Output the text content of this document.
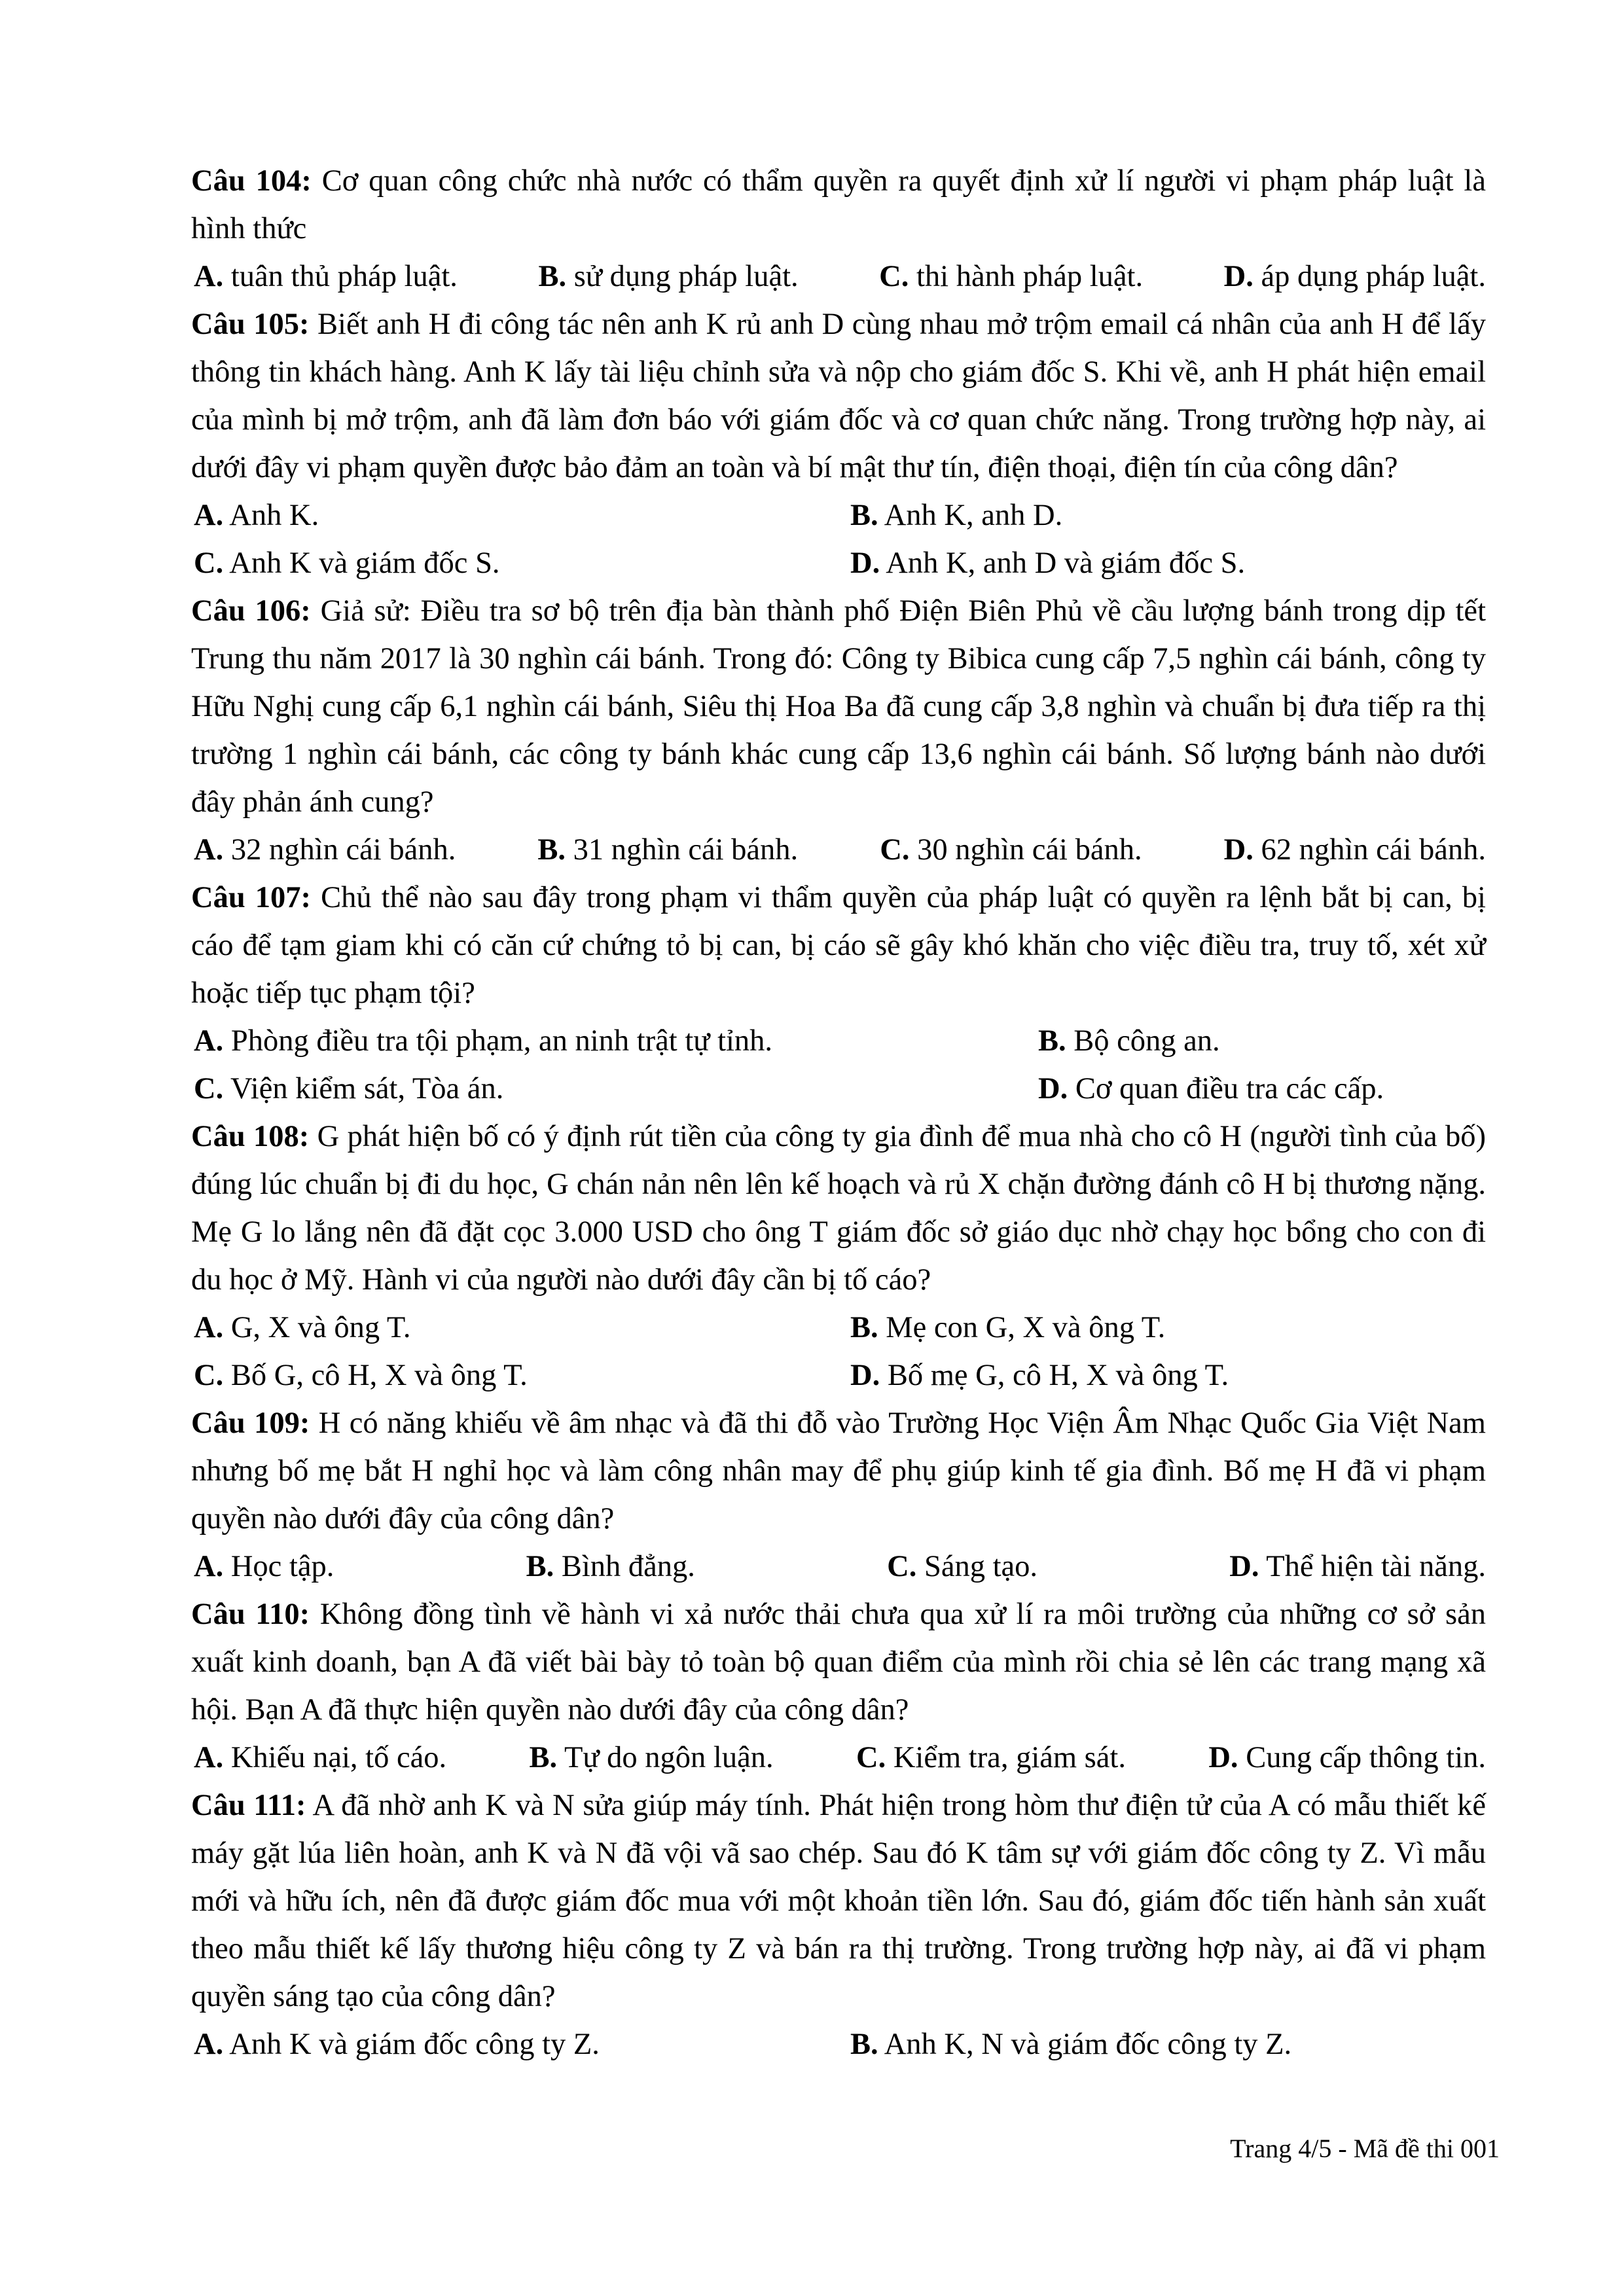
Câu 104: Cơ quan công chức nhà nước có thẩm quyền ra quyết định xử lí người vi phạm pháp luật là hình thức

A. tuân thủ pháp luật.	B. sử dụng pháp luật.	C. thi hành pháp luật.	D. áp dụng pháp luật.

Câu 105: Biết anh H đi công tác nên anh K rủ anh D cùng nhau mở trộm email cá nhân của anh H để lấy thông tin khách hàng. Anh K lấy tài liệu chỉnh sửa và nộp cho giám đốc S. Khi về, anh H phát hiện email của mình bị mở trộm, anh đã làm đơn báo với giám đốc và cơ quan chức năng. Trong trường hợp này, ai dưới đây vi phạm quyền được bảo đảm an toàn và bí mật thư tín, điện thoại, điện tín của công dân?

A. Anh K.	B. Anh K, anh D.
C. Anh K và giám đốc S.	D. Anh K, anh D và giám đốc S.

Câu 106: Giả sử: Điều tra sơ bộ trên địa bàn thành phố Điện Biên Phủ về cầu lượng bánh trong dịp tết Trung thu năm 2017 là 30 nghìn cái bánh. Trong đó: Công ty Bibica cung cấp 7,5 nghìn cái bánh, công ty Hữu Nghị cung cấp 6,1 nghìn cái bánh, Siêu thị Hoa Ba đã cung cấp 3,8 nghìn và chuẩn bị đưa tiếp ra thị trường 1 nghìn cái bánh, các công ty bánh khác cung cấp 13,6 nghìn cái bánh. Số lượng bánh nào dưới đây phản ánh cung?

A. 32 nghìn cái bánh.	B. 31 nghìn cái bánh.	C. 30 nghìn cái bánh.	D. 62 nghìn cái bánh.

Câu 107: Chủ thể nào sau đây trong phạm vi thẩm quyền của pháp luật có quyền ra lệnh bắt bị can, bị cáo để tạm giam khi có căn cứ chứng tỏ bị can, bị cáo sẽ gây khó khăn cho việc điều tra, truy tố, xét xử hoặc tiếp tục phạm tội?

A. Phòng điều tra tội phạm, an ninh trật tự tỉnh.	B. Bộ công an.
C. Viện kiểm sát, Tòa án.	D. Cơ quan điều tra các cấp.

Câu 108: G phát hiện bố có ý định rút tiền của công ty gia đình để mua nhà cho cô H (người tình của bố) đúng lúc chuẩn bị đi du học, G chán nản nên lên kế hoạch và rủ X chặn đường đánh cô H bị thương nặng. Mẹ G lo lắng nên đã đặt cọc 3.000 USD cho ông T giám đốc sở giáo dục nhờ chạy học bổng cho con đi du học ở Mỹ. Hành vi của người nào dưới đây cần bị tố cáo?

A. G, X và ông T.	B. Mẹ con G, X và ông T.
C. Bố G, cô H, X và ông T.	D. Bố mẹ G, cô H, X và ông T.

Câu 109: H có năng khiếu về âm nhạc và đã thi đỗ vào Trường Học Viện Âm Nhạc Quốc Gia Việt Nam nhưng bố mẹ bắt H nghỉ học và làm công nhân may để phụ giúp kinh tế gia đình. Bố mẹ H đã vi phạm quyền nào dưới đây của công dân?

A. Học tập.	B. Bình đẳng.	C. Sáng tạo.	D. Thể hiện tài năng.

Câu 110: Không đồng tình về hành vi xả nước thải chưa qua xử lí ra môi trường của những cơ sở sản xuất kinh doanh, bạn A đã viết bài bày tỏ toàn bộ quan điểm của mình rồi chia sẻ lên các trang mạng xã hội. Bạn A đã thực hiện quyền nào dưới đây của công dân?

A. Khiếu nại, tố cáo.	B. Tự do ngôn luận.	C. Kiểm tra, giám sát.	D. Cung cấp thông tin.

Câu 111: A đã nhờ anh K và N sửa giúp máy tính. Phát hiện trong hòm thư điện tử của A có mẫu thiết kế máy gặt lúa liên hoàn, anh K và N đã vội vã sao chép. Sau đó K tâm sự với giám đốc công ty Z. Vì mẫu mới và hữu ích, nên đã được giám đốc mua với một khoản tiền lớn. Sau đó, giám đốc tiến hành sản xuất theo mẫu thiết kế lấy thương hiệu công ty Z và bán ra thị trường. Trong trường hợp này, ai đã vi phạm quyền sáng tạo của công dân?

A. Anh K và giám đốc công ty Z.	B. Anh K, N và giám đốc công ty Z.
Trang 4/5 - Mã đề thi 001
